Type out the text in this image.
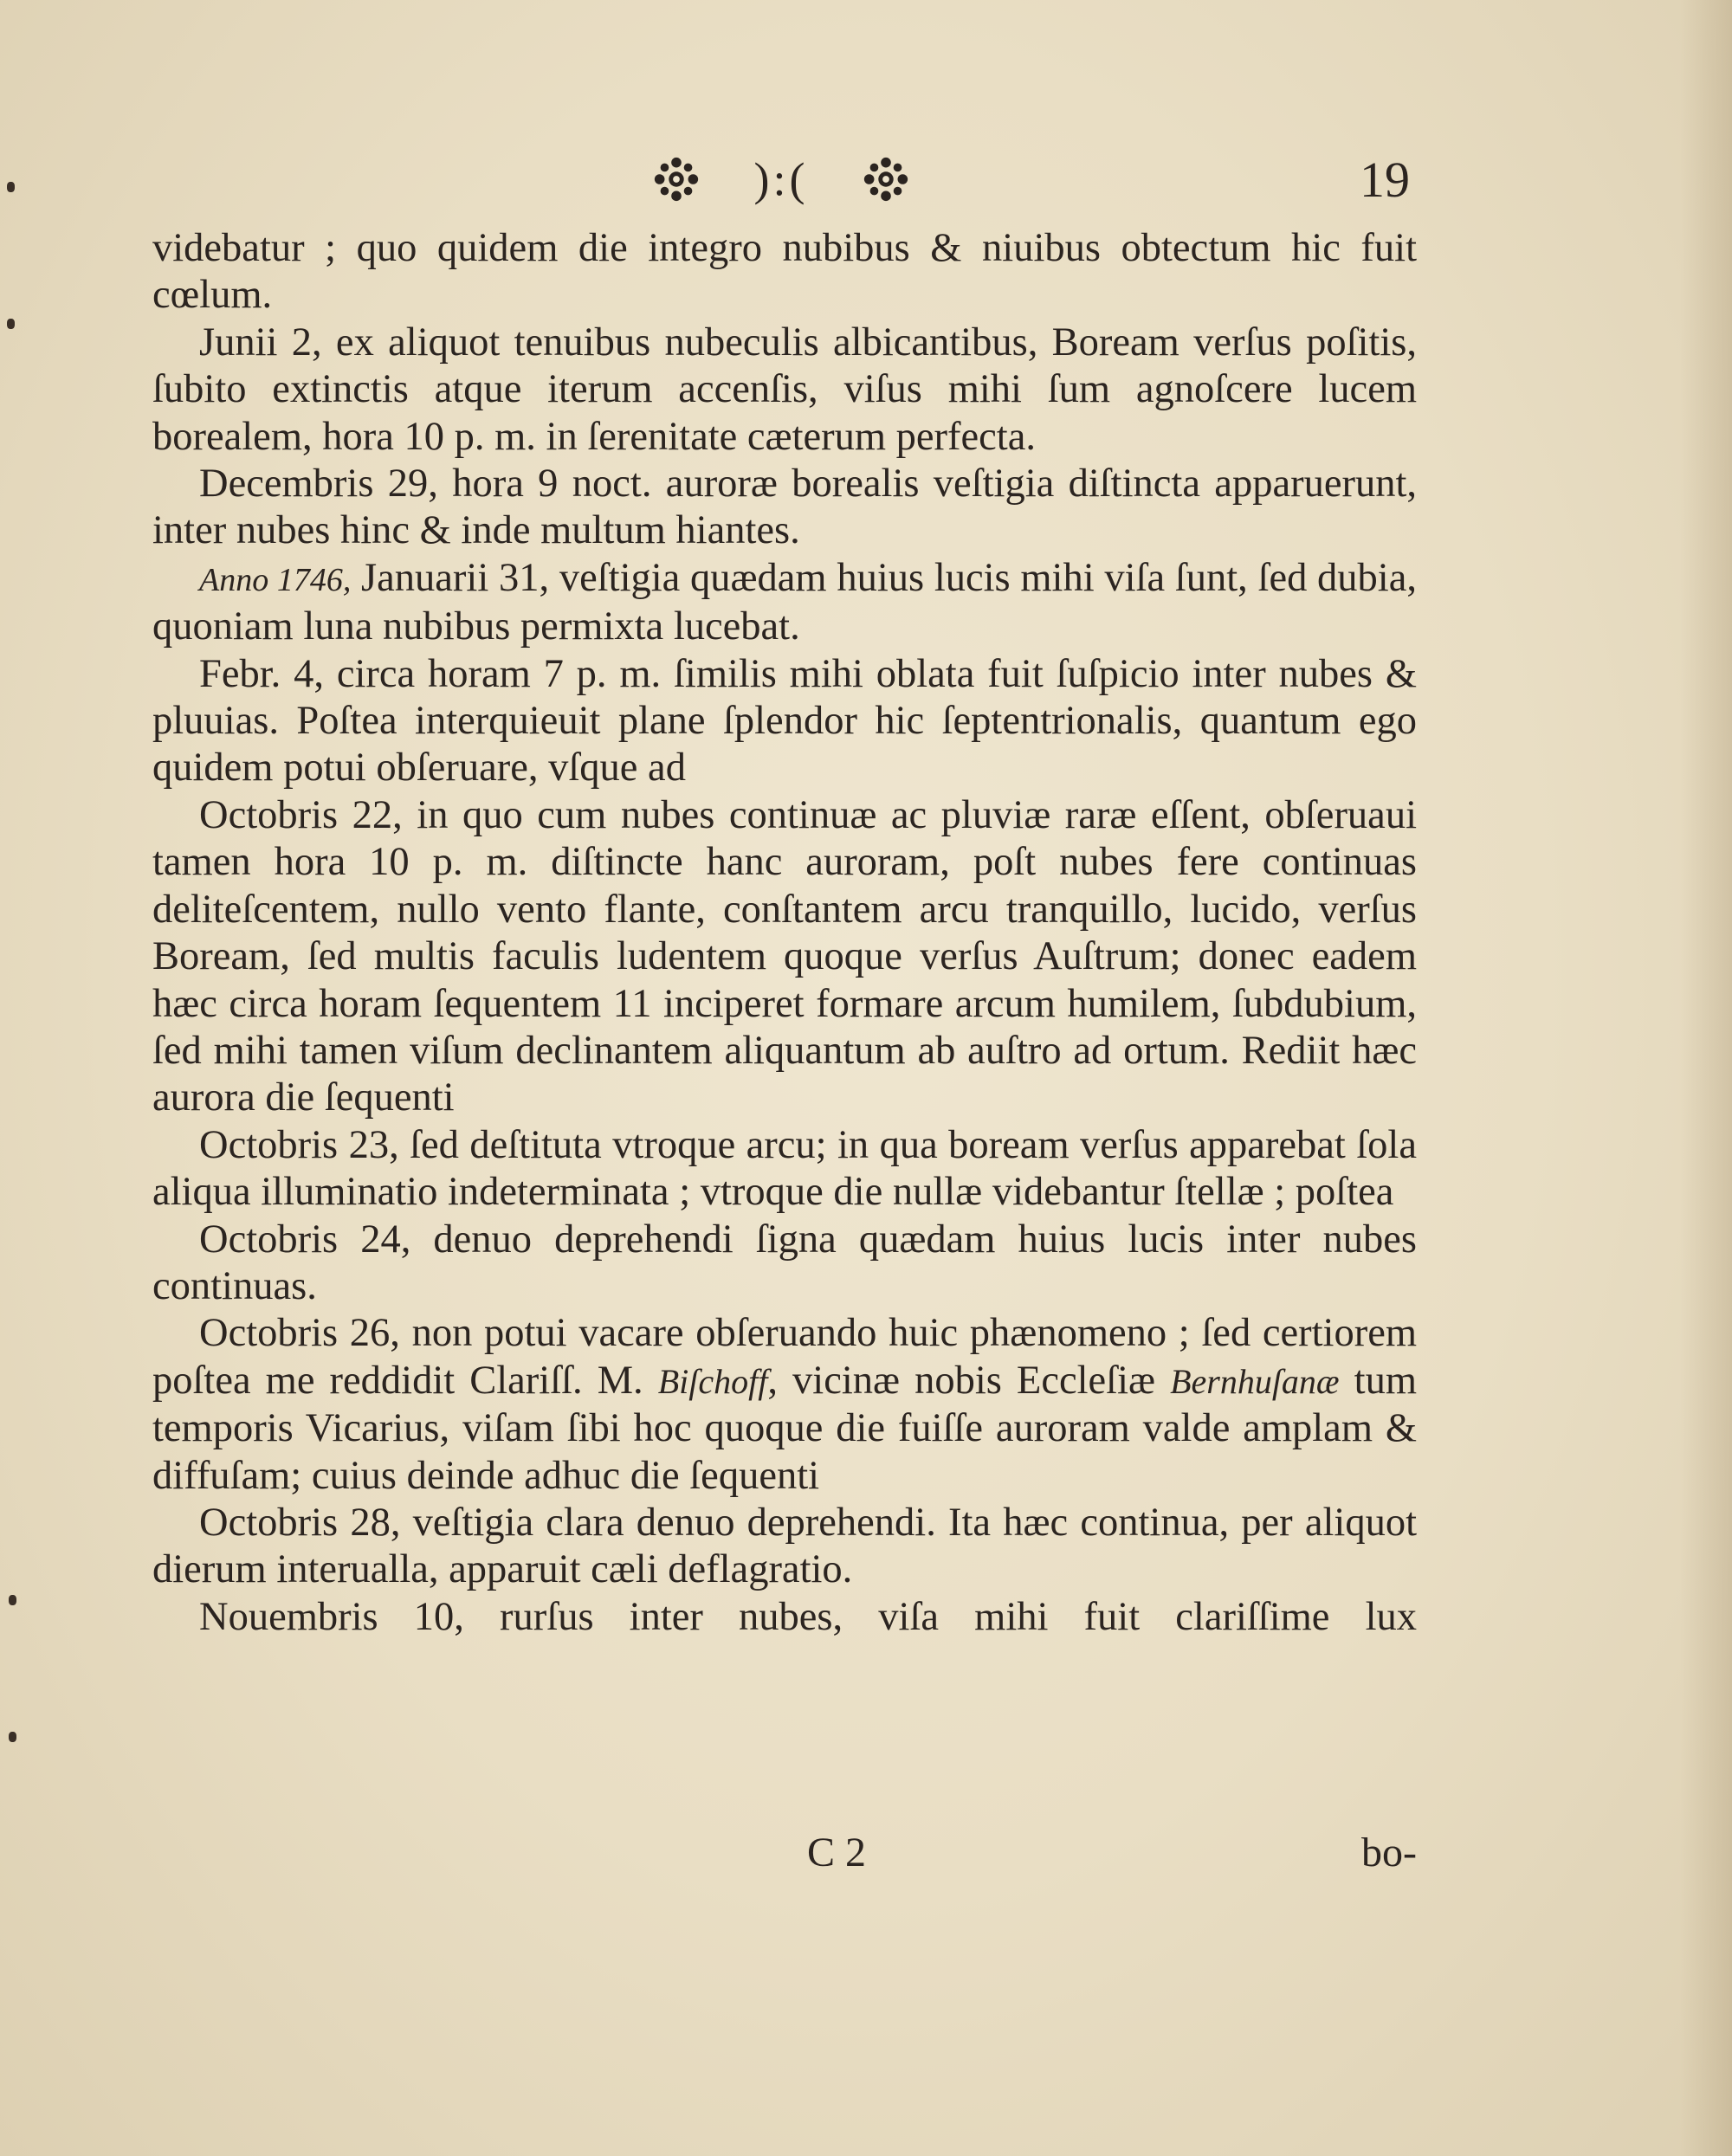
):(	19

videbatur ; quo quidem die integro nubibus & niuibus obtectum hic fuit cœlum.

Junii 2, ex aliquot tenuibus nubeculis albicantibus, Boream verſus poſitis, ſubito extinctis atque iterum accenſis, viſus mihi ſum agnoſcere lucem borealem, hora 10 p. m. in ſerenitate cæterum perfecta.

Decembris 29, hora 9 noct. auroræ borealis veſtigia diſtincta apparuerunt, inter nubes hinc & inde multum hiantes.

Anno 1746, Januarii 31, veſtigia quædam huius lucis mihi viſa ſunt, ſed dubia, quoniam luna nubibus permixta lucebat.

Febr. 4, circa horam 7 p. m. ſimilis mihi oblata fuit ſuſpicio inter nubes & pluuias. Poſtea interquieuit plane ſplendor hic ſeptentrionalis, quantum ego quidem potui obſeruare, vſque ad

Octobris 22, in quo cum nubes continuæ ac pluviæ raræ eſſent, obſeruaui tamen hora 10 p. m. diſtincte hanc auroram, poſt nubes fere continuas deliteſcentem, nullo vento flante, conſtantem arcu tranquillo, lucido, verſus Boream, ſed multis faculis ludentem quoque verſus Auſtrum; donec eadem hæc circa horam ſequentem 11 inciperet formare arcum humilem, ſubdubium, ſed mihi tamen viſum declinantem aliquantum ab auſtro ad ortum. Rediit hæc aurora die ſequenti

Octobris 23, ſed deſtituta vtroque arcu; in qua boream verſus apparebat ſola aliqua illuminatio indeterminata ; vtroque die nullæ videbantur ſtellæ ; poſtea

Octobris 24, denuo deprehendi ſigna quædam huius lucis inter nubes continuas.

Octobris 26, non potui vacare obſeruando huic phænomeno ; ſed certiorem poſtea me reddidit Clariſſ. M. Biſchoff, vicinæ nobis Eccleſiæ Bernhuſanæ tum temporis Vicarius, viſam ſibi hoc quoque die fuiſſe auroram valde amplam & diffuſam; cuius deinde adhuc die ſequenti

Octobris 28, veſtigia clara denuo deprehendi. Ita hæc continua, per aliquot dierum interualla, apparuit cæli deflagratio.

Nouembris 10, rurſus inter nubes, viſa mihi fuit clariſſime lux

C 2	bo-
